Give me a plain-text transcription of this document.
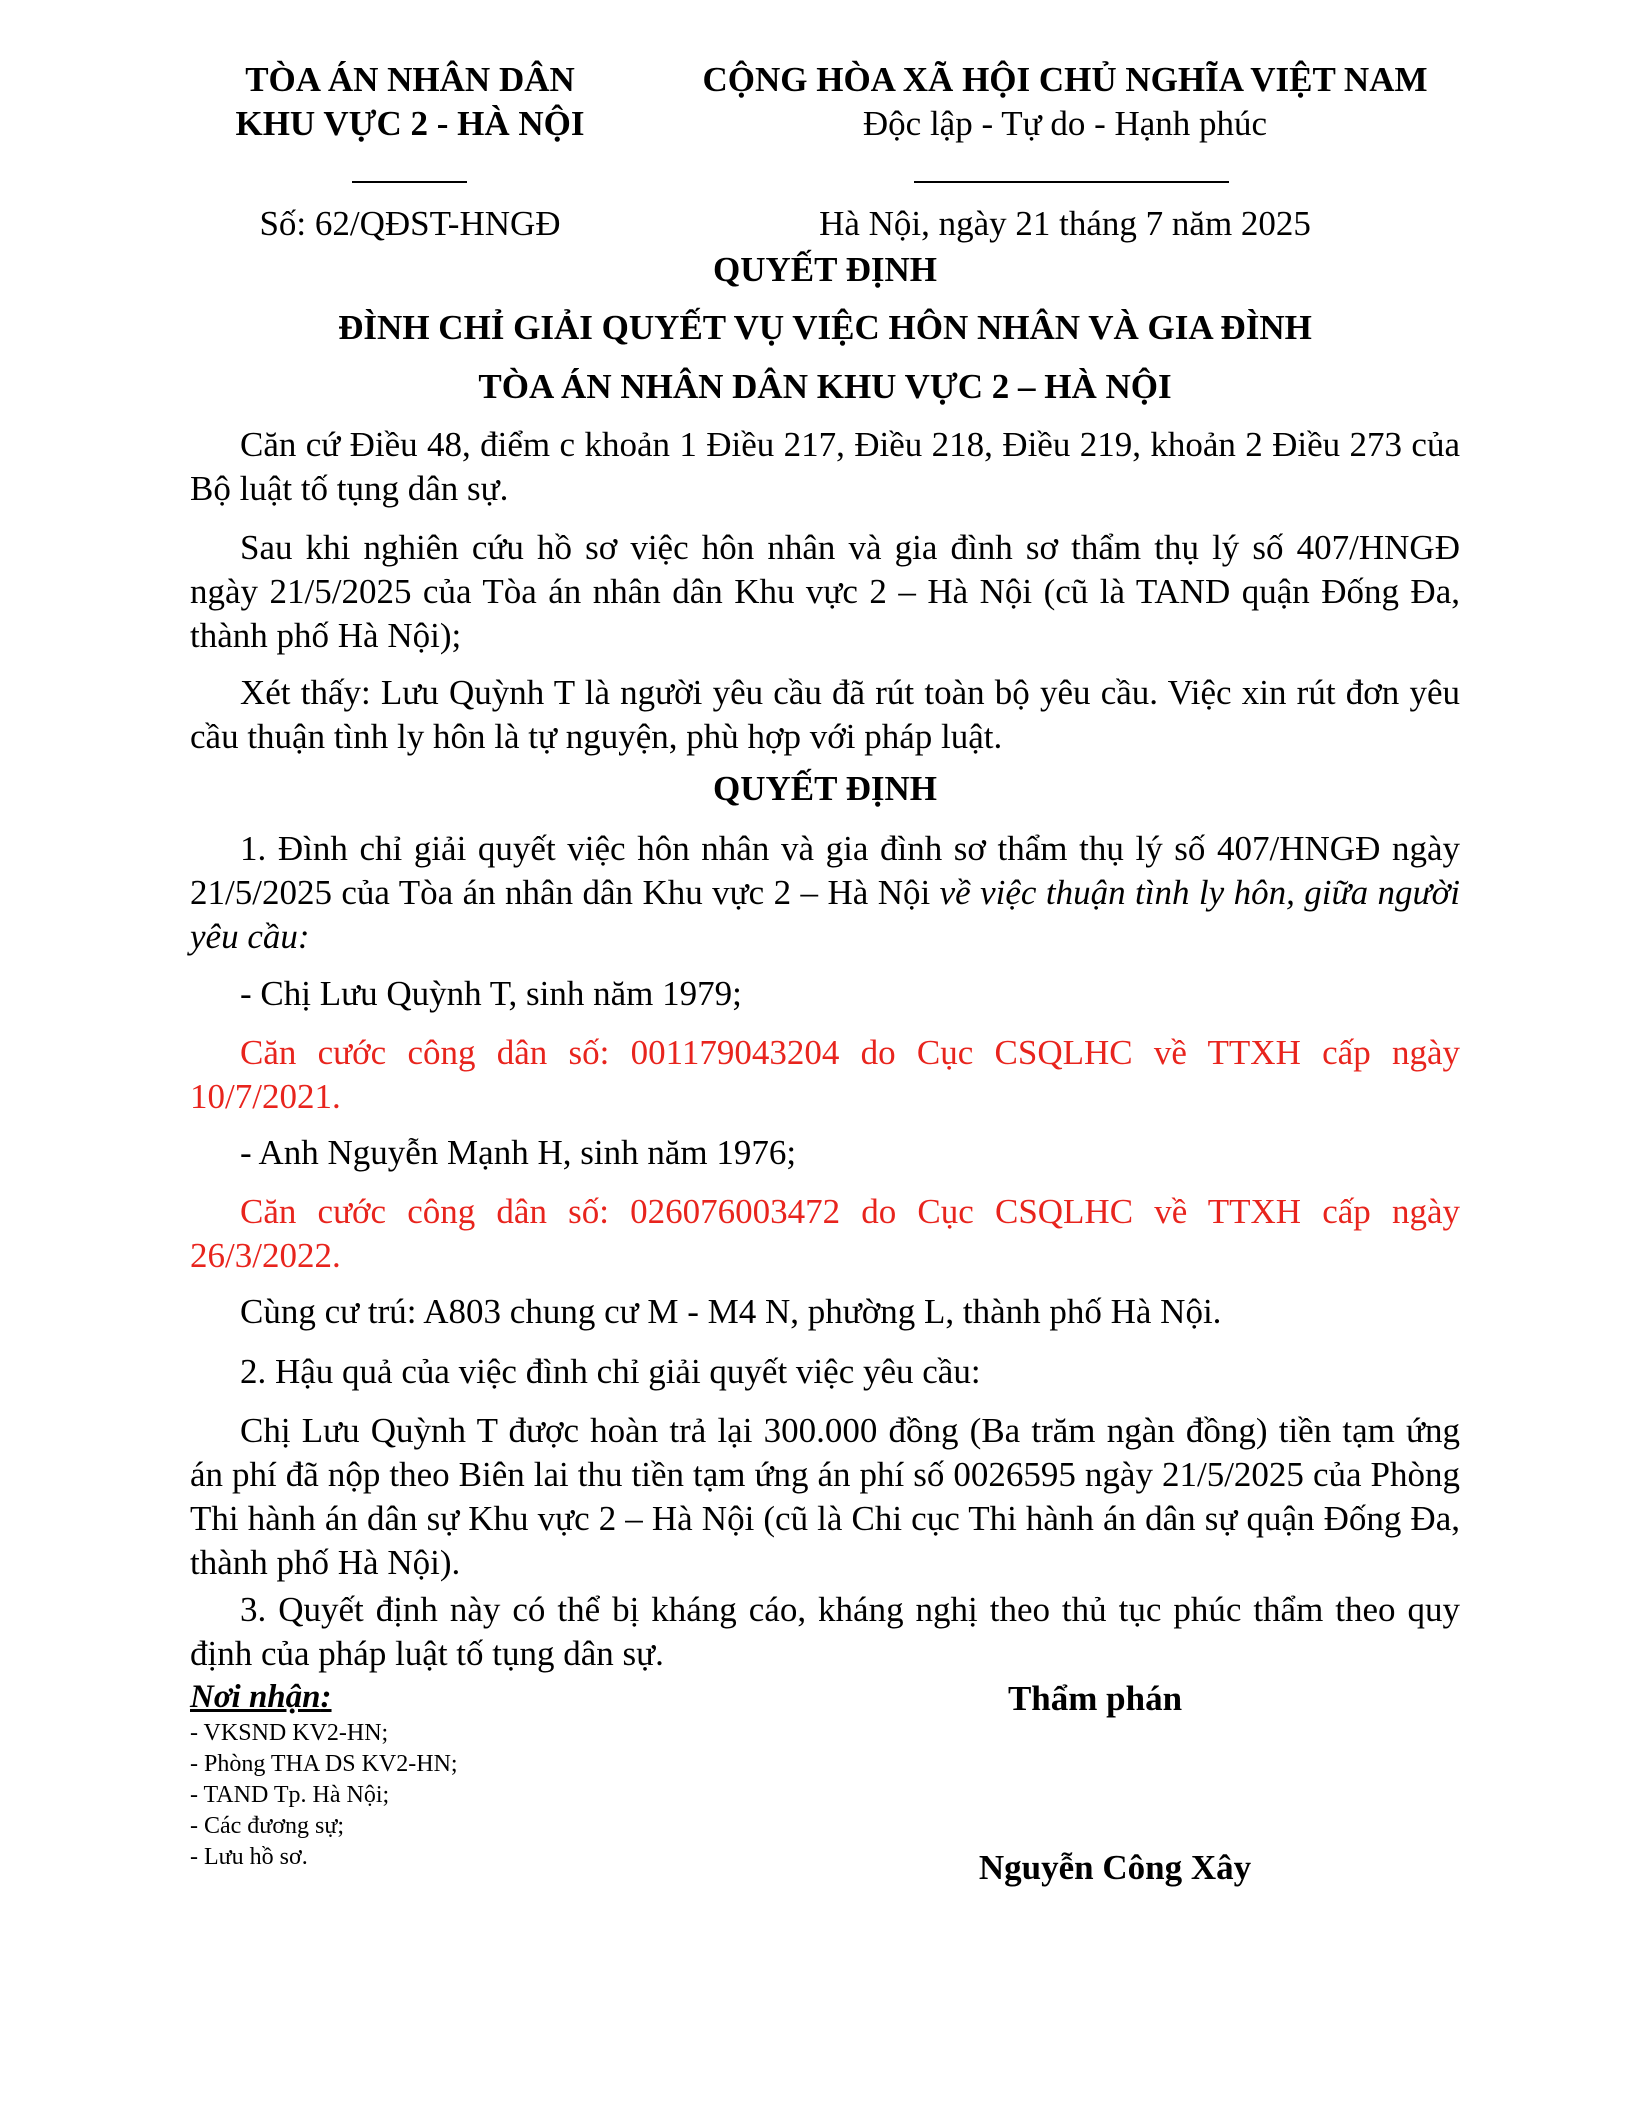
TÒA ÁN NHÂN DÂN
KHU VỰC 2 - HÀ NỘI
CỘNG HÒA XÃ HỘI CHỦ NGHĨA VIỆT NAM
Độc lập - Tự do - Hạnh phúc
Số: 62/QĐST-HNGĐ	Hà Nội, ngày 21 tháng 7 năm 2025
QUYẾT ĐỊNH
ĐÌNH CHỈ GIẢI QUYẾT VỤ VIỆC HÔN NHÂN VÀ GIA ĐÌNH
TÒA ÁN NHÂN DÂN KHU VỰC 2 – HÀ NỘI
Căn cứ Điều 48, điểm c khoản 1 Điều 217, Điều 218, Điều 219, khoản 2 Điều 273 của Bộ luật tố tụng dân sự.
Sau khi nghiên cứu hồ sơ việc hôn nhân và gia đình sơ thẩm thụ lý số 407/HNGĐ ngày 21/5/2025 của Tòa án nhân dân Khu vực 2 – Hà Nội (cũ là TAND quận Đống Đa, thành phố Hà Nội);
Xét thấy: Lưu Quỳnh T là người yêu cầu đã rút toàn bộ yêu cầu. Việc xin rút đơn yêu cầu thuận tình ly hôn là tự nguyện, phù hợp với pháp luật.
QUYẾT ĐỊNH
1. Đình chỉ giải quyết việc hôn nhân và gia đình sơ thẩm thụ lý số 407/HNGĐ ngày 21/5/2025 của Tòa án nhân dân Khu vực 2 – Hà Nội về việc thuận tình ly hôn, giữa người yêu cầu:
- Chị Lưu Quỳnh T, sinh năm 1979;
Căn cước công dân số: 001179043204 do Cục CSQLHC về TTXH cấp ngày 10/7/2021.
- Anh Nguyễn Mạnh H, sinh năm 1976;
Căn cước công dân số: 026076003472 do Cục CSQLHC về TTXH cấp ngày 26/3/2022.
Cùng cư trú: A803 chung cư M - M4 N, phường L, thành phố Hà Nội.
2. Hậu quả của việc đình chỉ giải quyết việc yêu cầu:
Chị Lưu Quỳnh T được hoàn trả lại 300.000 đồng (Ba trăm ngàn đồng) tiền tạm ứng án phí đã nộp theo Biên lai thu tiền tạm ứng án phí số 0026595 ngày 21/5/2025 của Phòng Thi hành án dân sự Khu vực 2 – Hà Nội (cũ là Chi cục Thi hành án dân sự quận Đống Đa, thành phố Hà Nội).
3. Quyết định này có thể bị kháng cáo, kháng nghị theo thủ tục phúc thẩm theo quy định của pháp luật tố tụng dân sự.
Nơi nhận:
- VKSND KV2-HN;
- Phòng THA DS KV2-HN;
- TAND Tp. Hà Nội;
- Các đương sự;
- Lưu hồ sơ.
Thẩm phán
Nguyễn Công Xây
